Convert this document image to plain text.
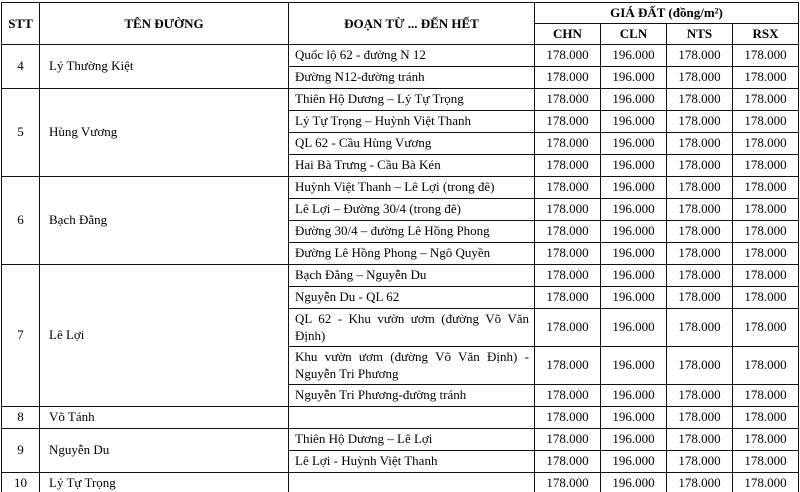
STT	TÊN ĐƯỜNG	ĐOẠN TỪ ... ĐẾN HẾT	GIÁ ĐẤT (đồng/m²)			
			CHN	CLN	NTS	RSX
4	Lý Thường Kiệt	Quốc lộ 62 - đường N 12	178.000	196.000	178.000	178.000
		Đường N12-đường tránh	178.000	196.000	178.000	178.000
5	Hùng Vương	Thiên Hộ Dương – Lý Tự Trọng	178.000	196.000	178.000	178.000
		Lý Tự Trọng – Huỳnh Việt Thanh	178.000	196.000	178.000	178.000
		QL 62 - Cầu Hùng Vương	178.000	196.000	178.000	178.000
		Hai Bà Trưng - Cầu Bà Kén	178.000	196.000	178.000	178.000
6	Bạch Đằng	Huỳnh Việt Thanh – Lê Lợi (trong đê)	178.000	196.000	178.000	178.000
		Lê Lợi – Đường 30/4 (trong đê)	178.000	196.000	178.000	178.000
		Đường 30/4 – đường Lê Hồng Phong	178.000	196.000	178.000	178.000
		Đường Lê Hồng Phong – Ngô Quyền	178.000	196.000	178.000	178.000
7	Lê Lợi	Bạch Đằng – Nguyễn Du	178.000	196.000	178.000	178.000
		Nguyễn Du - QL 62	178.000	196.000	178.000	178.000
		QL 62 - Khu vườn ươm (đường Võ Văn Định)	178.000	196.000	178.000	178.000
		Khu vườn ươm (đường Võ Văn Định) - Nguyễn Tri Phương	178.000	196.000	178.000	178.000
		Nguyễn Tri Phương-đường tránh	178.000	196.000	178.000	178.000
8	Võ Tánh		178.000	196.000	178.000	178.000
9	Nguyễn Du	Thiên Hộ Dương – Lê Lợi	178.000	196.000	178.000	178.000
		Lê Lợi - Huỳnh Việt Thanh	178.000	196.000	178.000	178.000
10	Lý Tự Trọng		178.000	196.000	178.000	178.000
